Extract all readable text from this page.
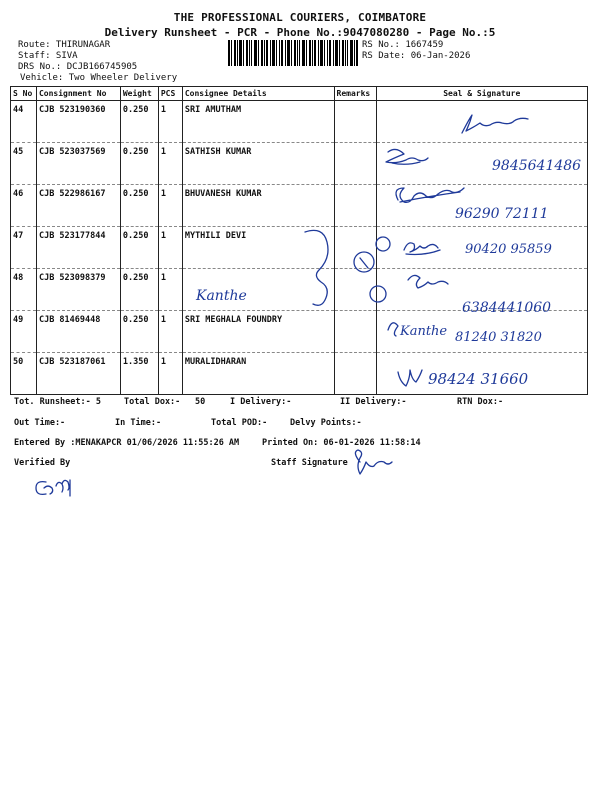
THE PROFESSIONAL COURIERS, COIMBATORE
Delivery Runsheet - PCR - Phone No.:9047080280 - Page No.:5
Route: THIRUNAGAR
Staff: SIVA
DRS No.: DCJB166745905
Vehicle: Two Wheeler Delivery
RS No.: 1667459
RS Date: 06-Jan-2026
S No	Consignment No	Weight	PCS	Consignee Details	Remarks	Seal & Signature
44	CJB 523190360	0.250	1	SRI AMUTHAM		
45	CJB 523037569	0.250	1	SATHISH KUMAR		
46	CJB 522986167	0.250	1	BHUVANESH KUMAR		
47	CJB 523177844	0.250	1	MYTHILI DEVI		
48	CJB 523098379	0.250	1			
49	CJB 81469448	0.250	1	SRI MEGHALA FOUNDRY		
50	CJB 523187061	1.350	1	MURALIDHARAN		
Tot. Runsheet:- 5	Total Dox:- 50	I Delivery:-	II Delivery:-	RTN Dox:-
Out Time:-	In Time:-	Total POD:-	Delvy Points:-
Entered By :MENAKAPCR 01/06/2026 11:55:26 AM	Printed On: 06-01-2026 11:58:14
Verified By	Staff Signature
9845641486
96290 72111
90420 95859
Kanthe
6384441060
Kanthe 81240 31820
98424 31660
